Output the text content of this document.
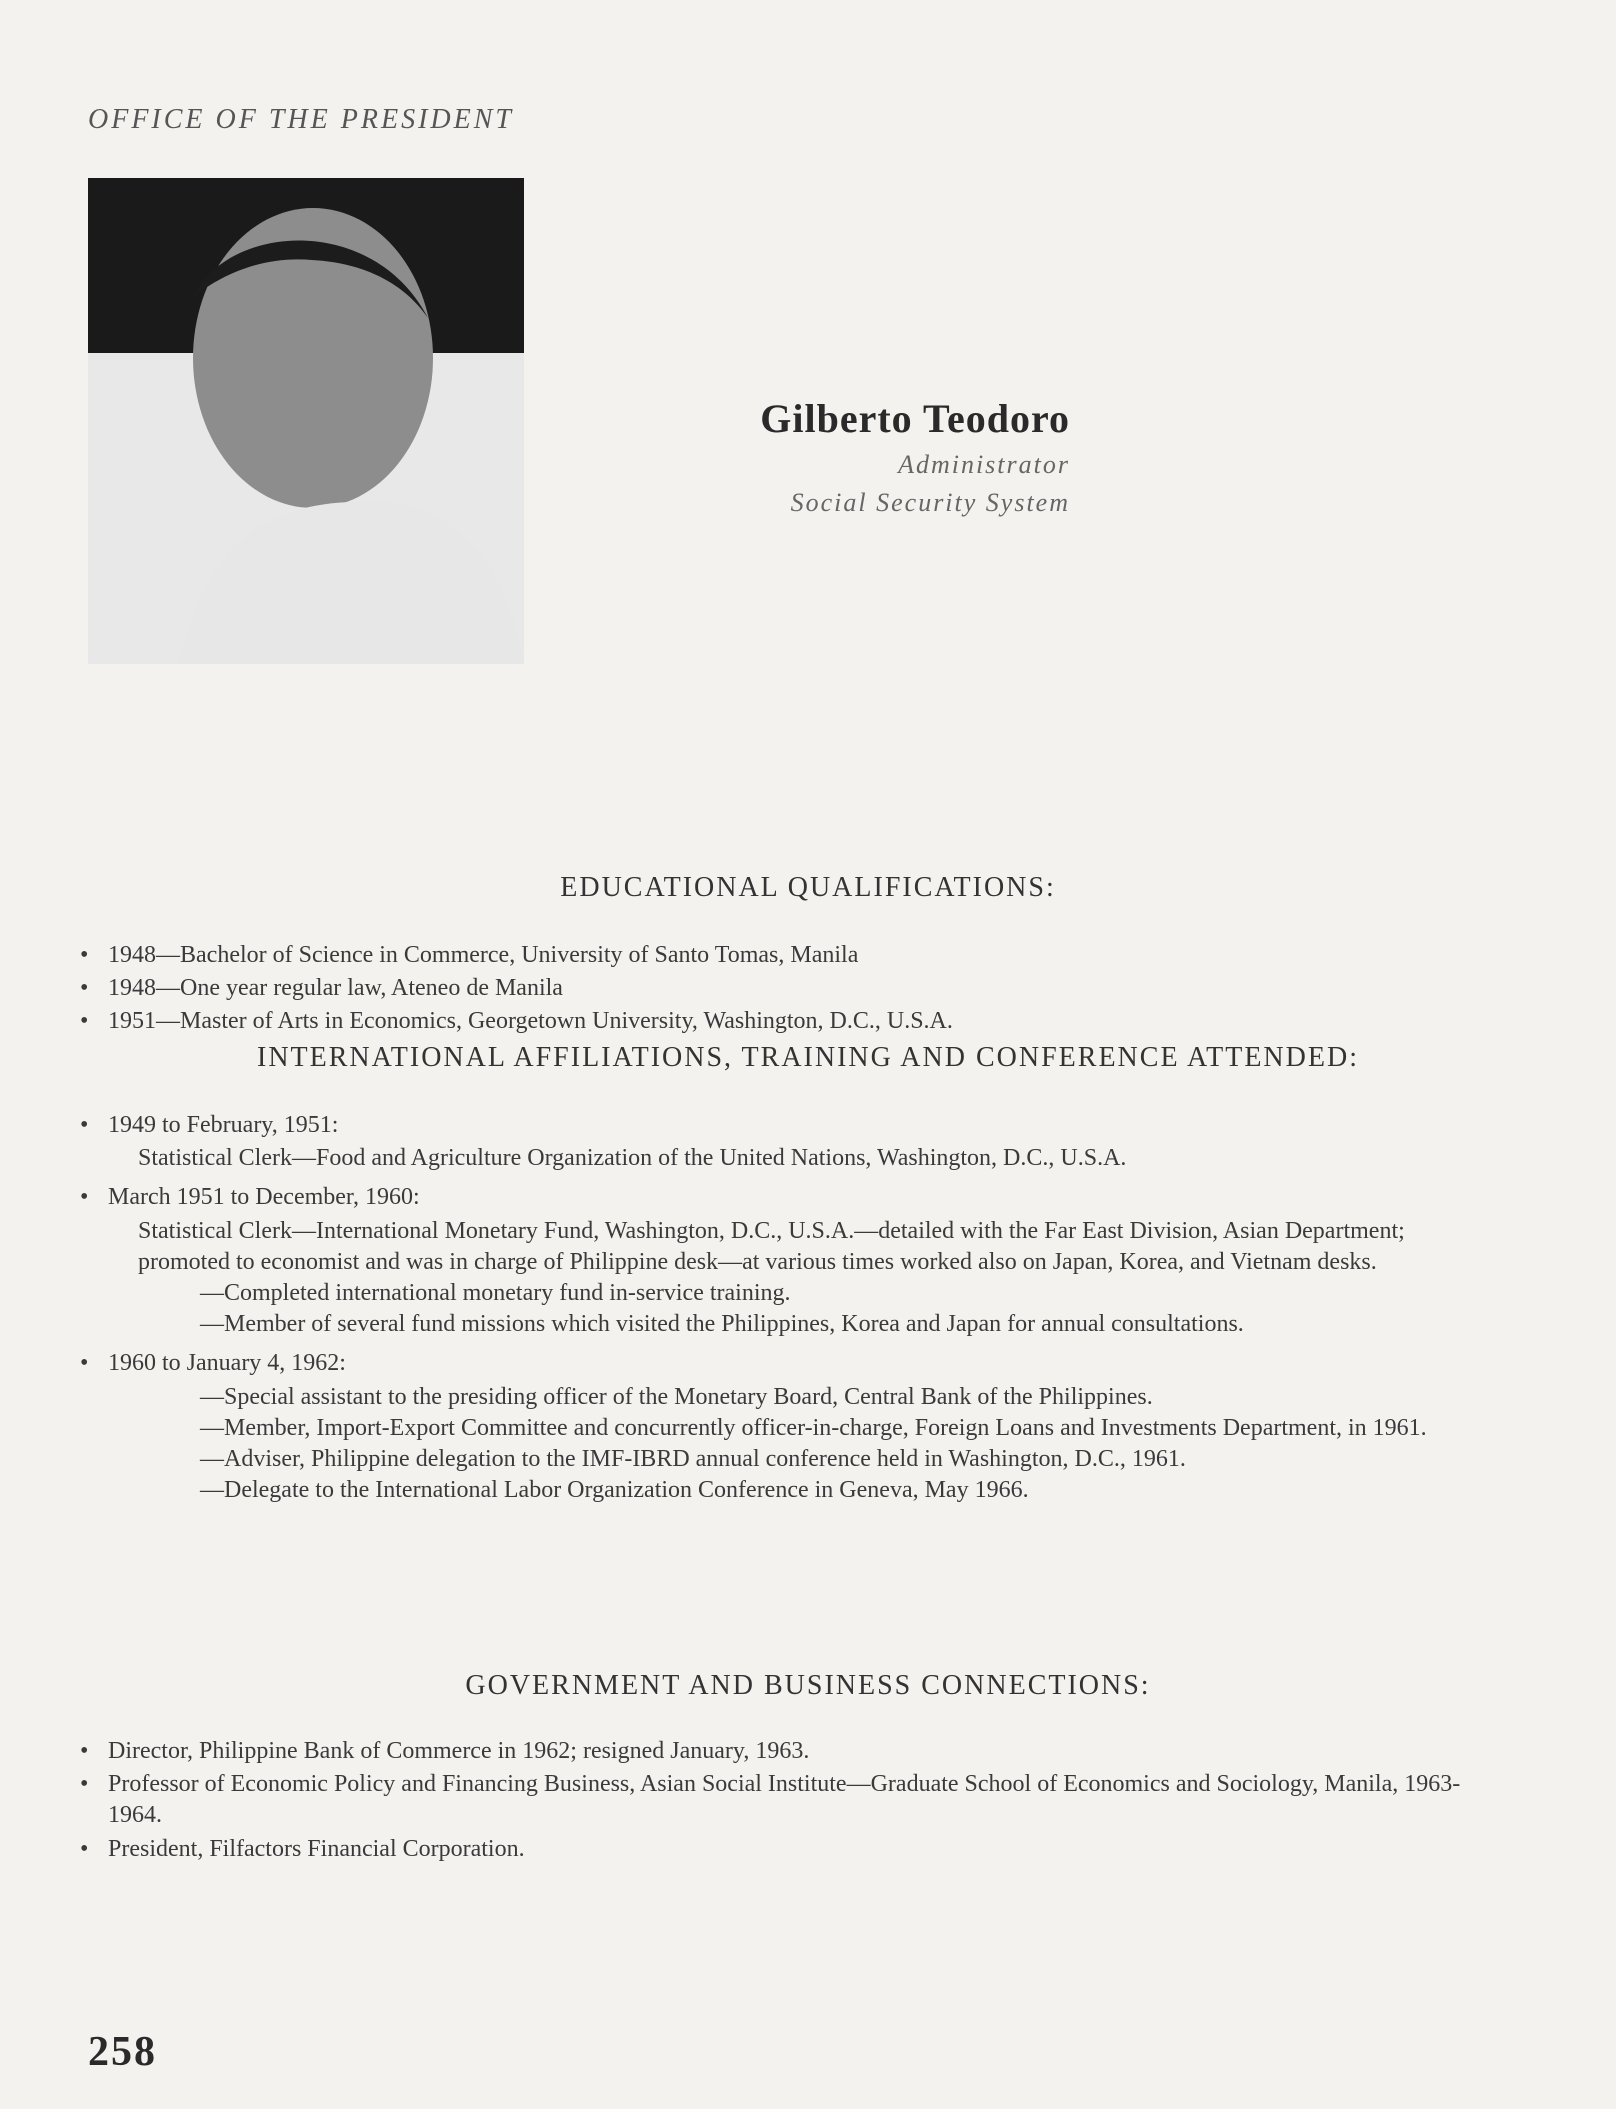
OFFICE OF THE PRESIDENT
Gilberto Teodoro
Administrator
Social Security System
EDUCATIONAL QUALIFICATIONS:
• 1948—Bachelor of Science in Commerce, University of Santo Tomas, Manila
• 1948—One year regular law, Ateneo de Manila
• 1951—Master of Arts in Economics, Georgetown University, Washington, D.C., U.S.A.
INTERNATIONAL AFFILIATIONS, TRAINING AND CONFERENCE ATTENDED:
• 1949 to February, 1951:
Statistical Clerk—Food and Agriculture Organization of the United Nations, Washington, D.C., U.S.A.
• March 1951 to December, 1960:
Statistical Clerk—International Monetary Fund, Washington, D.C., U.S.A.—detailed with the Far East Division, Asian Department; promoted to economist and was in charge of Philippine desk—at various times worked also on Japan, Korea, and Vietnam desks.
—Completed international monetary fund in-service training.
—Member of several fund missions which visited the Philippines, Korea and Japan for annual consultations.
• 1960 to January 4, 1962:
—Special assistant to the presiding officer of the Monetary Board, Central Bank of the Philippines.
—Member, Import-Export Committee and concurrently officer-in-charge, Foreign Loans and Investments Department, in 1961.
—Adviser, Philippine delegation to the IMF-IBRD annual conference held in Washington, D.C., 1961.
—Delegate to the International Labor Organization Conference in Geneva, May 1966.
GOVERNMENT AND BUSINESS CONNECTIONS:
• Director, Philippine Bank of Commerce in 1962; resigned January, 1963.
• Professor of Economic Policy and Financing Business, Asian Social Institute—Graduate School of Economics and Sociology, Manila, 1963-1964.
• President, Filfactors Financial Corporation.
258
